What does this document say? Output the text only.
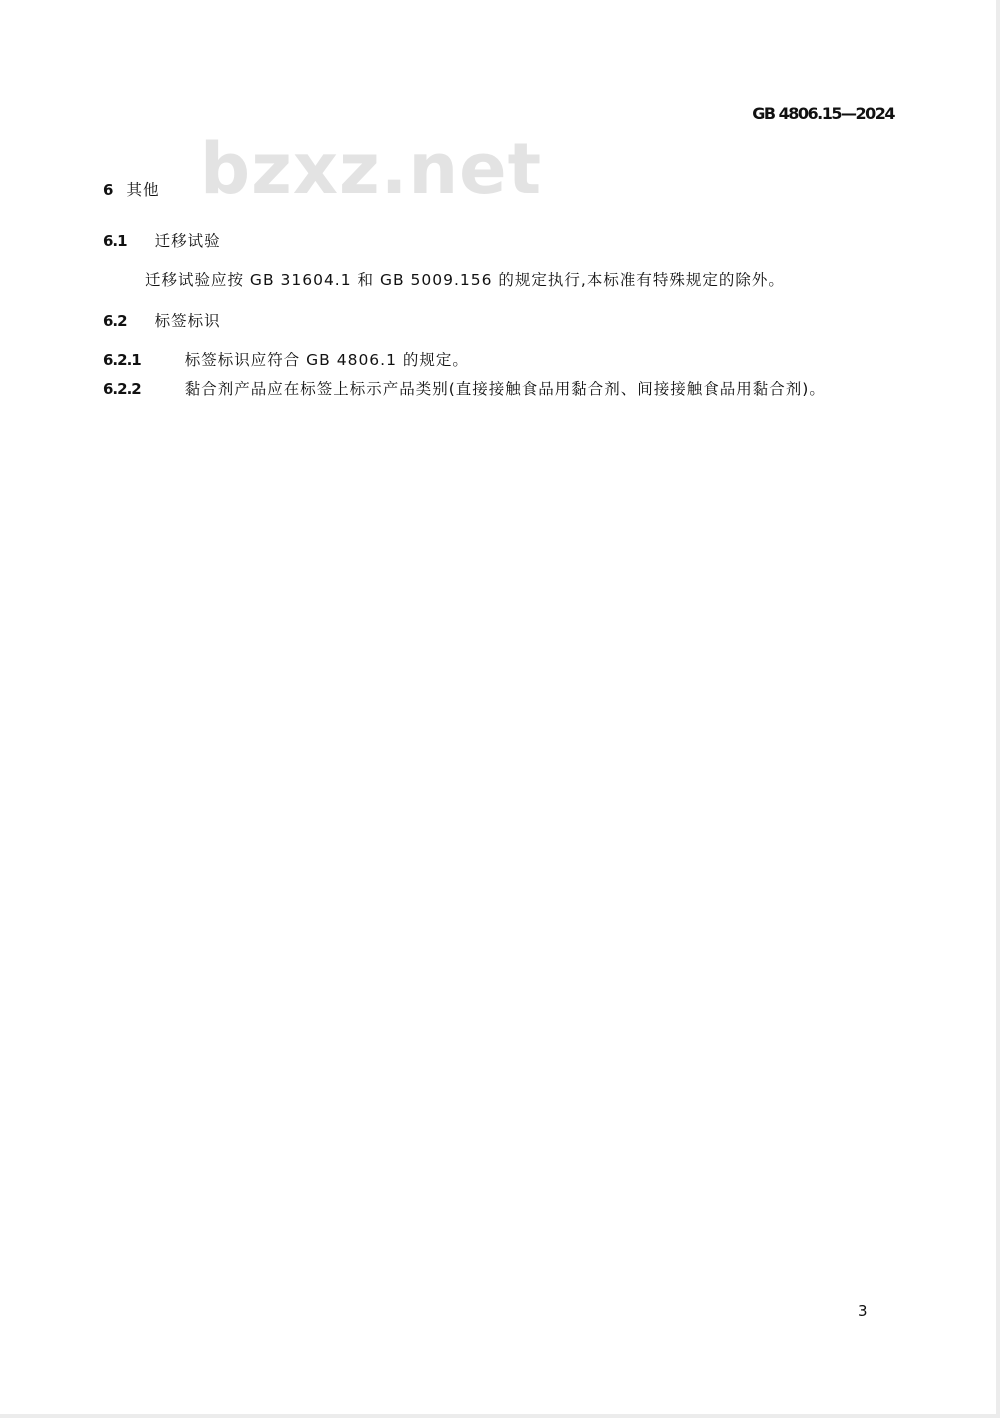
GB 4806.15—2024
bzxz.net
6 其他
6.1 迁移试验
迁移试验应按 GB 31604.1 和 GB 5009.156 的规定执行,本标准有特殊规定的除外。
6.2 标签标识
6.2.1	标签标识应符合 GB 4806.1 的规定。
6.2.2	黏合剂产品应在标签上标示产品类别(直接接触食品用黏合剂、间接接触食品用黏合剂)。
3
